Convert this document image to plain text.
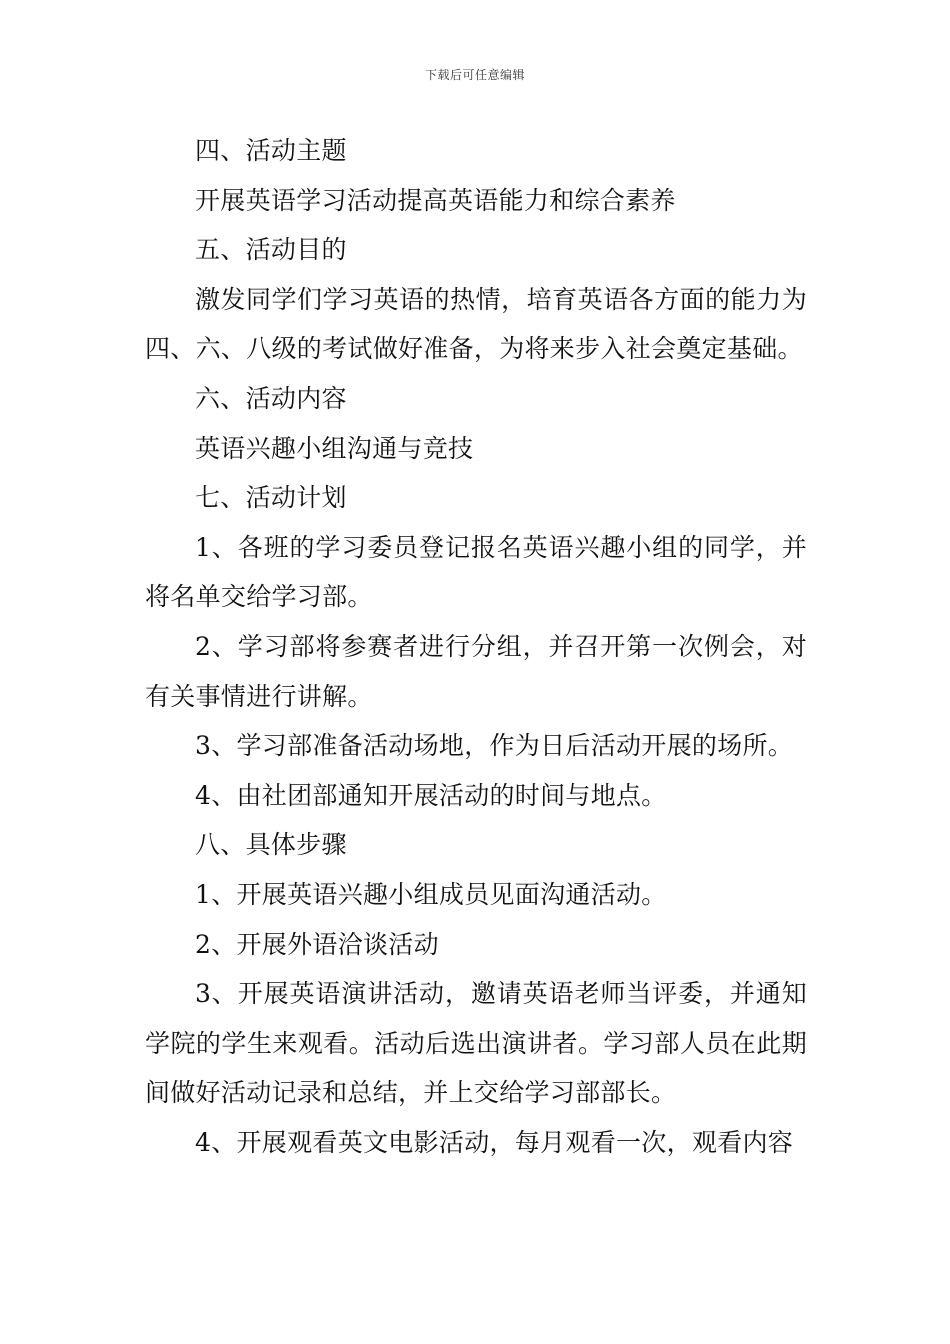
下载后可任意编辑

四、活动主题

开展英语学习活动提高英语能力和综合素养

五、活动目的

激发同学们学习英语的热情，培育英语各方面的能力为四、六、八级的考试做好准备，为将来步入社会奠定基础。

六、活动内容

英语兴趣小组沟通与竞技

七、活动计划

1、各班的学习委员登记报名英语兴趣小组的同学，并将名单交给学习部。

2、学习部将参赛者进行分组，并召开第一次例会，对有关事情进行讲解。

3、学习部准备活动场地，作为日后活动开展的场所。

4、由社团部通知开展活动的时间与地点。

八、具体步骤

1、开展英语兴趣小组成员见面沟通活动。

2、开展外语洽谈活动

3、开展英语演讲活动，邀请英语老师当评委，并通知学院的学生来观看。活动后选出演讲者。学习部人员在此期间做好活动记录和总结，并上交给学习部部长。

4、开展观看英文电影活动，每月观看一次，观看内容
